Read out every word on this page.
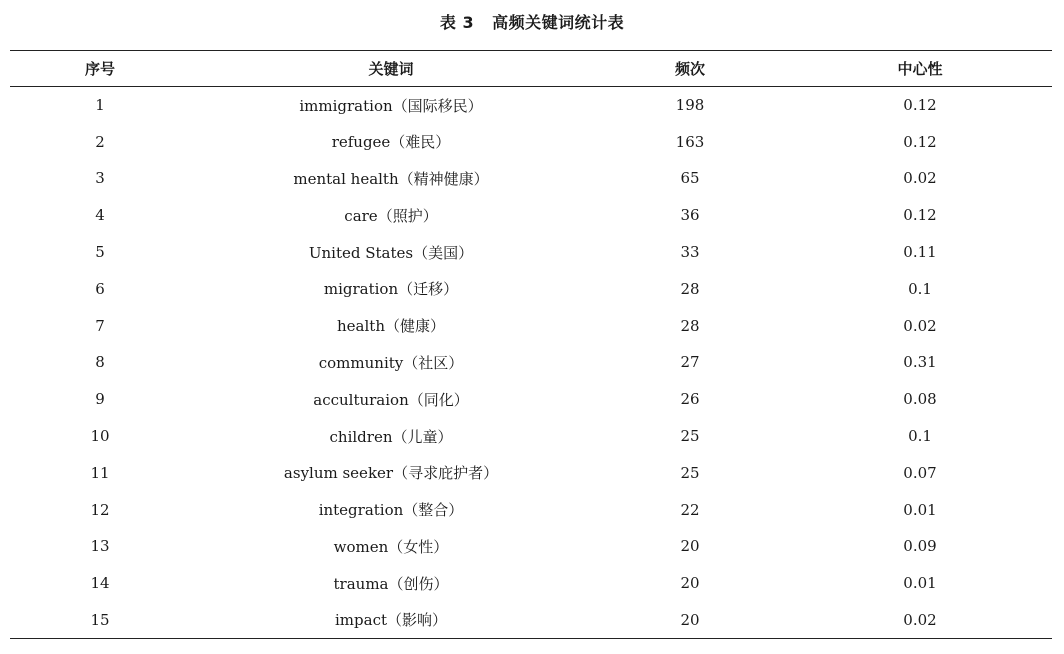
表 3 高频关键词统计表
序号	关键词	频次	中心性
1	immigration（国际移民）	198	0.12
2	refugee（难民）	163	0.12
3	mental health（精神健康）	65	0.02
4	care（照护）	36	0.12
5	United States（美国）	33	0.11
6	migration（迁移）	28	0.1
7	health（健康）	28	0.02
8	community（社区）	27	0.31
9	acculturaion（同化）	26	0.08
10	children（儿童）	25	0.1
11	asylum seeker（寻求庇护者）	25	0.07
12	integration（整合）	22	0.01
13	women（女性）	20	0.09
14	trauma（创伤）	20	0.01
15	impact（影响）	20	0.02
